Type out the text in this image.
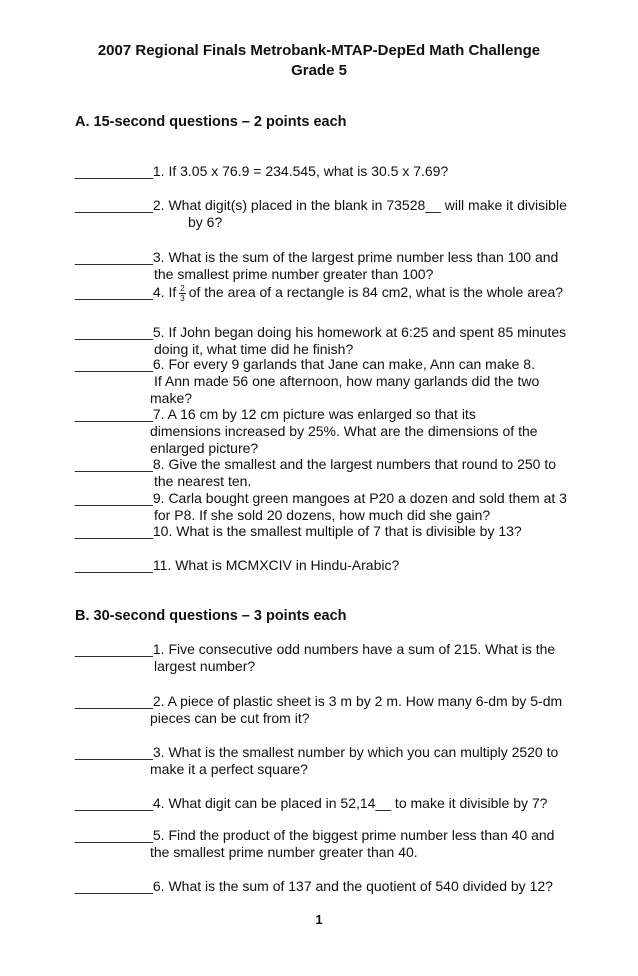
2007 Regional Finals Metrobank-MTAP-DepEd Math Challenge
Grade 5
A. 15-second questions – 2 points each
__________1. If 3.05 x 76.9 = 234.545, what is 30.5 x 7.69?
__________2. What digit(s) placed in the blank in 73528__ will make it divisible
by 6?
__________3. What is the sum of the largest prime number less than 100 and
the smallest prime number greater than 100?
__________4. If $\frac{2}{3}$ of the area of a rectangle is 84 cm2, what is the whole area?
__________5. If John began doing his homework at 6:25 and spent 85 minutes
doing it, what time did he finish?
__________6. For every 9 garlands that Jane can make, Ann can make 8.
If Ann made 56 one afternoon, how many garlands did the two
make?
__________7. A 16 cm by 12 cm picture was enlarged so that its
dimensions increased by 25%. What are the dimensions of the
enlarged picture?
__________8. Give the smallest and the largest numbers that round to 250 to
the nearest ten.
__________9. Carla bought green mangoes at P20 a dozen and sold them at 3
for P8. If she sold 20 dozens, how much did she gain?
__________10. What is the smallest multiple of 7 that is divisible by 13?
__________11. What is MCMXCIV in Hindu-Arabic?
B. 30-second questions – 3 points each
__________1. Five consecutive odd numbers have a sum of 215. What is the
largest number?
__________2. A piece of plastic sheet is 3 m by 2 m. How many 6-dm by 5-dm
pieces can be cut from it?
__________3. What is the smallest number by which you can multiply 2520 to
make it a perfect square?
__________4. What digit can be placed in 52,14__ to make it divisible by 7?
__________5. Find the product of the biggest prime number less than 40 and
the smallest prime number greater than 40.
__________6. What is the sum of 137 and the quotient of 540 divided by 12?
1
